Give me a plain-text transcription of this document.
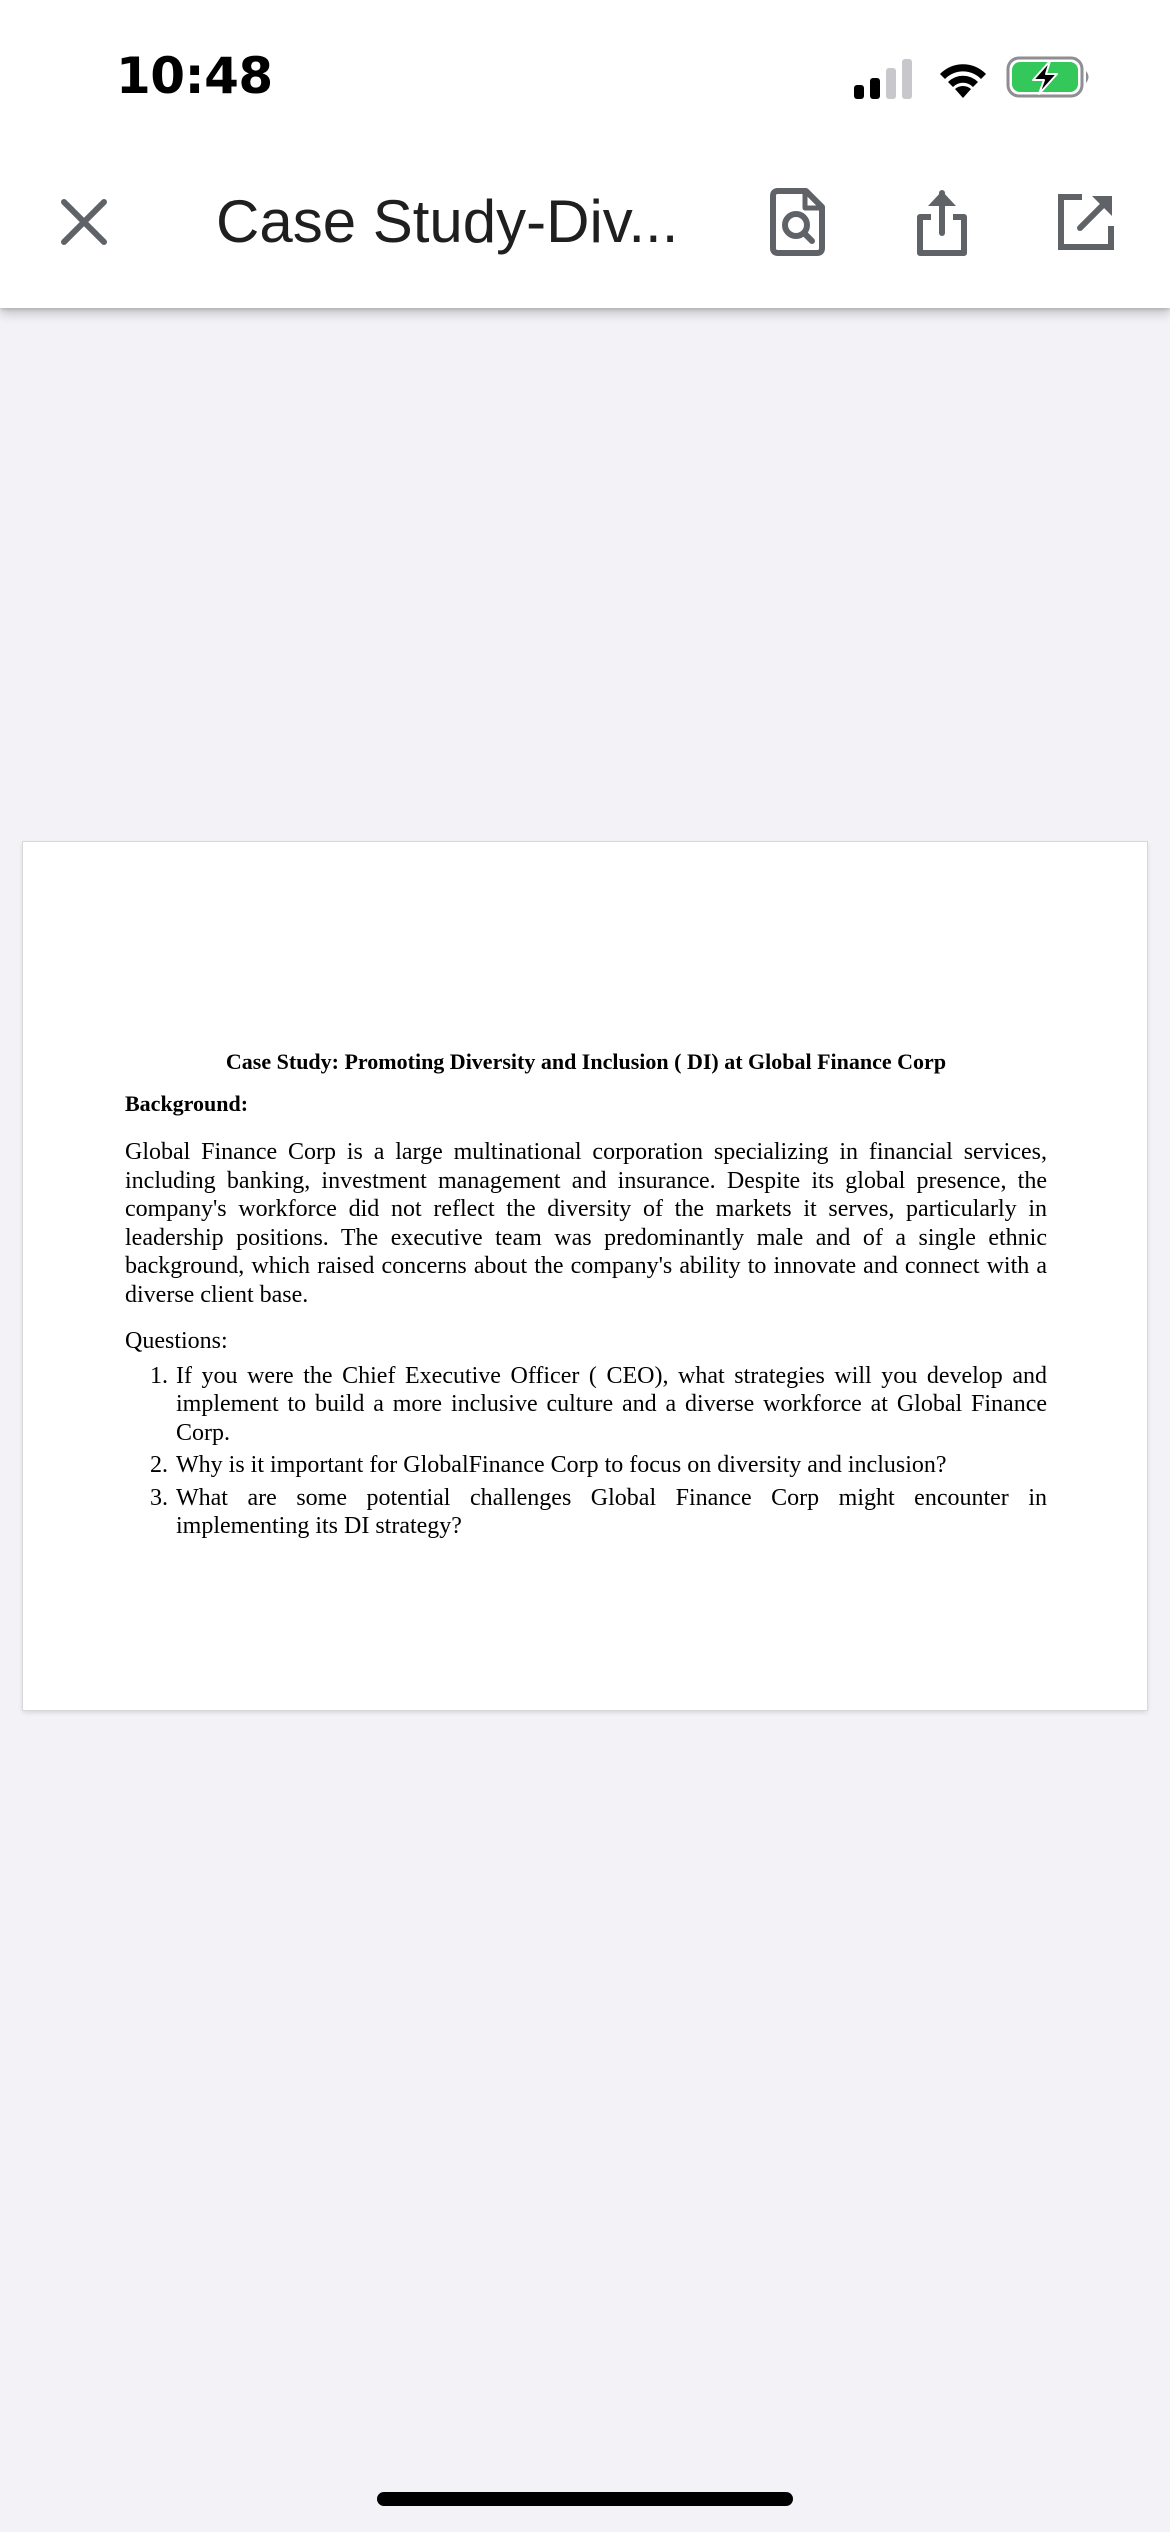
10:48
Case Study-Div...

Case Study: Promoting Diversity and Inclusion ( DI) at Global Finance Corp

Background:

Global Finance Corp is a large multinational corporation specializing in financial services, including banking, investment management and insurance. Despite its global presence, the company's workforce did not reflect the diversity of the markets it serves, particularly in leadership positions. The executive team was predominantly male and of a single ethnic background, which raised concerns about the company's ability to innovate and connect with a diverse client base.

Questions:

1. If you were the Chief Executive Officer ( CEO), what strategies will you develop and implement to build a more inclusive culture and a diverse workforce at Global Finance Corp.
2. Why is it important for GlobalFinance Corp to focus on diversity and inclusion?
3. What are some potential challenges Global Finance Corp might encounter in implementing its DI strategy?
